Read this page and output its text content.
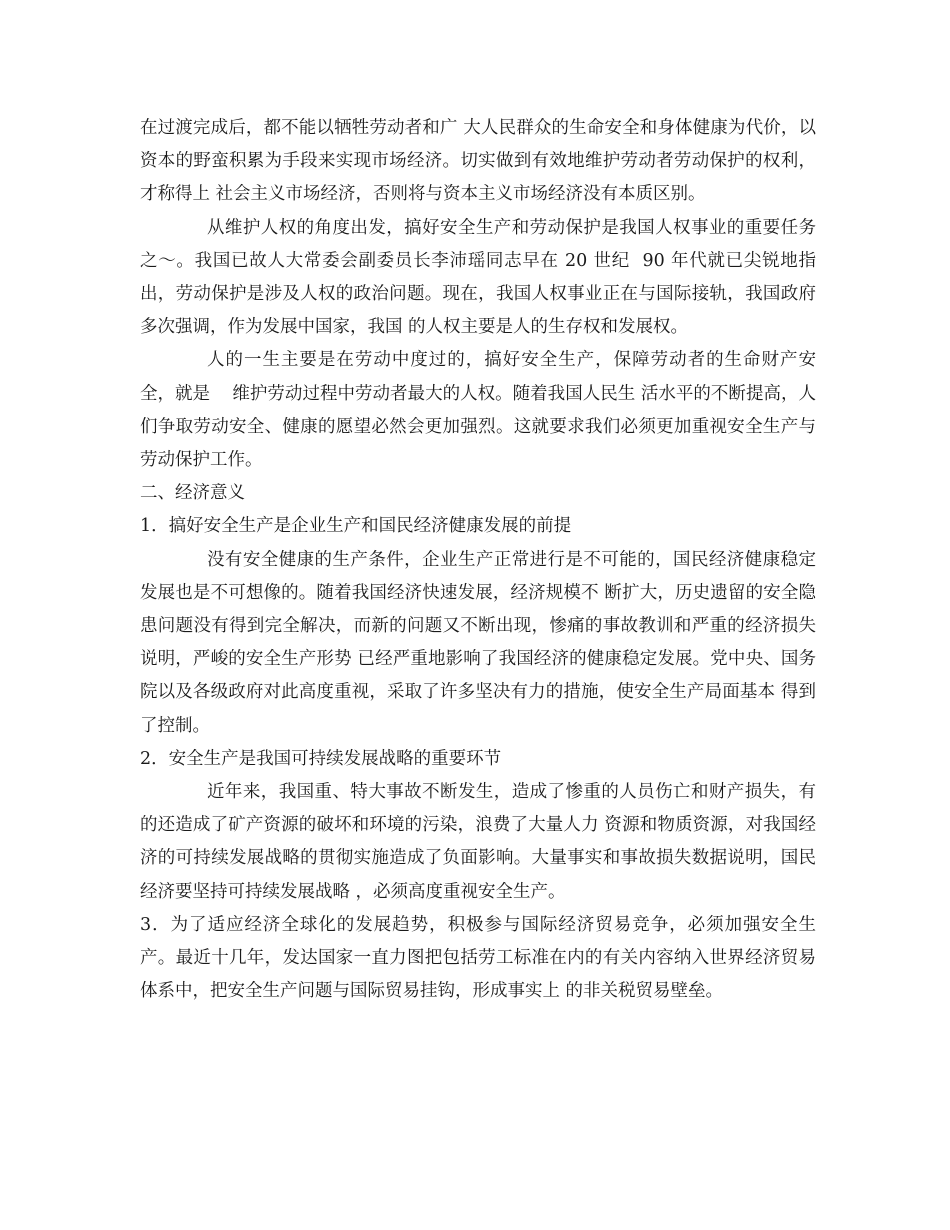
在过渡完成后，都不能以牺牲劳动者和广 大人民群众的生命安全和身体健康为代价，以资本的野蛮积累为手段来实现市场经济。切实做到有效地维护劳动者劳动保护的权利，才称得上 社会主义市场经济，否则将与资本主义市场经济没有本质区别。

从维护人权的角度出发，搞好安全生产和劳动保护是我国人权事业的重要任务之～。我国已故人大常委会副委员长李沛瑶同志早在 20 世纪  90 年代就已尖锐地指出，劳动保护是涉及人权的政治问题。现在，我国人权事业正在与国际接轨，我国政府多次强调，作为发展中国家，我国 的人权主要是人的生存权和发展权。

人的一生主要是在劳动中度过的，搞好安全生产，保障劳动者的生命财产安全，就是    维护劳动过程中劳动者最大的人权。随着我国人民生 活水平的不断提高，人们争取劳动安全、健康的愿望必然会更加强烈。这就要求我们必须更加重视安全生产与劳动保护工作。

二、经济意义

1．搞好安全生产是企业生产和国民经济健康发展的前提

没有安全健康的生产条件，企业生产正常进行是不可能的，国民经济健康稳定发展也是不可想像的。随着我国经济快速发展，经济规模不 断扩大，历史遗留的安全隐患问题没有得到完全解决，而新的问题又不断出现，惨痛的事故教训和严重的经济损失说明，严峻的安全生产形势 已经严重地影响了我国经济的健康稳定发展。党中央、国务院以及各级政府对此高度重视，采取了许多坚决有力的措施，使安全生产局面基本 得到了控制。

2．安全生产是我国可持续发展战略的重要环节

近年来，我国重、特大事故不断发生，造成了惨重的人员伤亡和财产损失，有的还造成了矿产资源的破坏和环境的污染，浪费了大量人力 资源和物质资源，对我国经济的可持续发展战略的贯彻实施造成了负面影响。大量事实和事故损失数据说明，国民经济要坚持可持续发展战略 ，必须高度重视安全生产。

3．为了适应经济全球化的发展趋势，积极参与国际经济贸易竞争，必须加强安全生产。最近十几年，发达国家一直力图把包括劳工标准在内的有关内容纳入世界经济贸易体系中，把安全生产问题与国际贸易挂钩，形成事实上 的非关税贸易壁垒。
